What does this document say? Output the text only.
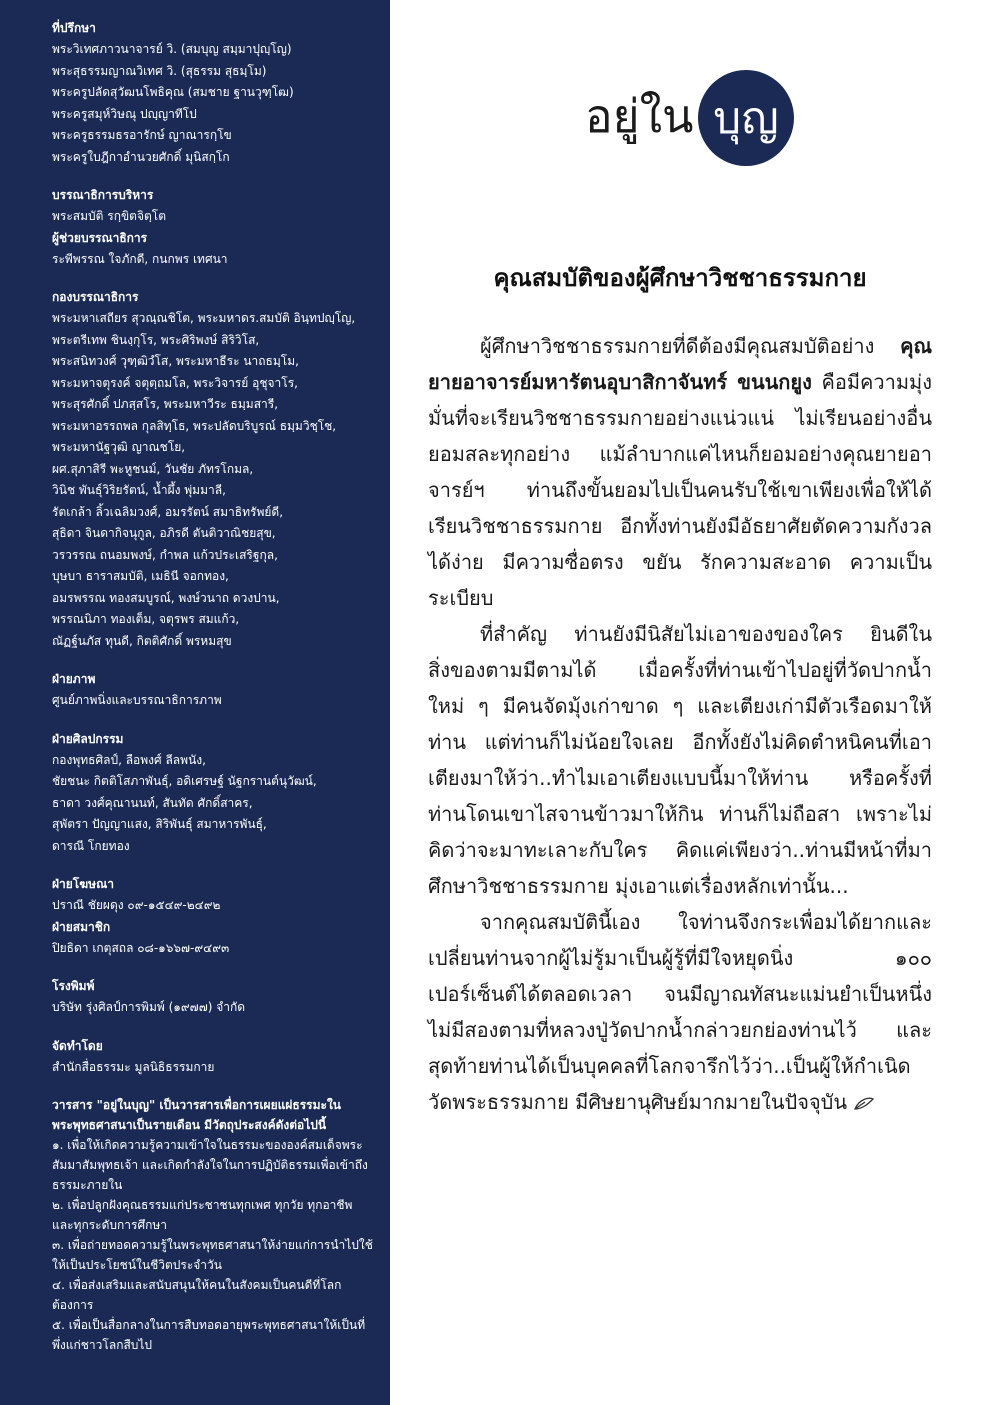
ที่ปรึกษา
พระวิเทศภาวนาจารย์ วิ. (สมบุญ สมฺมาปุญฺโญ)
พระสุธรรมญาณวิเทศ วิ. (สุธรรม สุธมฺโม)
พระครูปลัดสุวัฒนโพธิคุณ (สมชาย ฐานวุฑฺโฒ)
พระครูสมุห์วิษณุ ปญฺญาทีโป
พระครูธรรมธรอารักษ์ ญาณารกฺโข
พระครูใบฎีกาอำนวยศักดิ์ มุนิสกฺโก
บรรณาธิการบริหาร
พระสมบัติ รกฺขิตจิตฺโต
ผู้ช่วยบรรณาธิการ
ระพีพรรณ ใจภักดี, กนกพร เทศนา
กองบรรณาธิการ
พระมหาเสถียร สุวณฺณชิโต, พระมหาดร.สมบัติ อินฺทปญฺโญ,
พระตรีเทพ ชินงฺกุโร, พระศิริพงษ์ สิริวิโส,
พระสนิทวงศ์ วุฑฺฒิวํโส, พระมหาธีระ นาถธมฺโม,
พระมหาจตุรงค์ จตุตฺถมโล, พระวิจารย์ อุชุจาโร,
พระสุรศักดิ์ ปภสฺสโร, พระมหาวีระ ธมฺมสารี,
พระมหาอรรถพล กุลสิทฺโธ, พระปลัดบริบูรณ์ ธมฺมวิชฺโช,
พระมหานัฐวุฒิ ญาณชโย,
ผศ.สุภาสิรี พะหูชนม์, วันชัย ภัทรโกมล,
วินิช พันธุ์วิริยรัตน์, น้ำผึ้ง พุ่มมาลี,
รัตเกล้า ลิ้วเฉลิมวงศ์, อมรรัตน์ สมาธิทรัพย์ดี,
สุธิดา จินดากิจนุกูล, อภิรดี ตันติวาณิชยสุข,
วรวรรณ ถนอมพงษ์, กำพล แก้วประเสริฐกุล,
บุษบา ธาราสมบัติ, เมธินี จอกทอง,
อมรพรรณ ทองสมบูรณ์, พงษ์วนาถ ดวงปาน,
พรรณนิภา ทองเต็ม, จตุรพร สมแก้ว,
ณัฏฐ์นภัส ทุนดี, กิตติศักดิ์ พรหมสุข
ฝ่ายภาพ
ศูนย์ภาพนิ่งและบรรณาธิการภาพ
ฝ่ายศิลปกรรม
กองพุทธศิลป์, ลือพงศ์ ลีลพนัง,
ชัยชนะ กิตติโสภาพันธุ์, อดิเศรษฐ์ นัฐกรานต์นุวัฒน์,
ธาดา วงศ์คุณานนท์, สันทัด ศักดิ์สาคร,
สุพัตรา ปัญญาแสง, สิริพันธุ์ สมาหารพันธุ์,
ดารณี โกยทอง
ฝ่ายโฆษณา
ปราณี ชัยผดุง ๐๙-๑๕๔๙-๒๔๙๒
ฝ่ายสมาชิก
ปิยธิดา เกตุสถล ๐๘-๑๖๖๗-๙๔๙๓
โรงพิมพ์
บริษัท รุ่งศิลป์การพิมพ์ (๑๙๗๗) จำกัด
จัดทำโดย
สำนักสื่อธรรมะ มูลนิธิธรรมกาย
วารสาร "อยู่ในบุญ" เป็นวารสารเพื่อการเผยแผ่ธรรมะในพระพุทธศาสนาเป็นรายเดือน มีวัตถุประสงค์ดังต่อไปนี้
๑. เพื่อให้เกิดความรู้ความเข้าใจในธรรมะขององค์สมเด็จพระสัมมาสัมพุทธเจ้า และเกิดกำลังใจในการปฏิบัติธรรมเพื่อเข้าถึงธรรมะภายใน
๒. เพื่อปลูกฝังคุณธรรมแก่ประชาชนทุกเพศ ทุกวัย ทุกอาชีพ และทุกระดับการศึกษา
๓. เพื่อถ่ายทอดความรู้ในพระพุทธศาสนาให้ง่ายแก่การนำไปใช้ให้เป็นประโยชน์ในชีวิตประจำวัน
๔. เพื่อส่งเสริมและสนับสนุนให้คนในสังคมเป็นคนดีที่โลกต้องการ
๕. เพื่อเป็นสื่อกลางในการสืบทอดอายุพระพุทธศาสนาให้เป็นที่พึ่งแก่ชาวโลกสืบไป
อยู่ใน บุญ
คุณสมบัติของผู้ศึกษาวิชชาธรรมกาย

ผู้ศึกษาวิชชาธรรมกายที่ดีต้องมีคุณสมบัติอย่าง คุณยายอาจารย์มหารัตนอุบาสิกาจันทร์ ขนนกยูง คือมีความมุ่งมั่นที่จะเรียนวิชชาธรรมกายอย่างแน่วแน่ ไม่เรียนอย่างอื่น ยอมสละทุกอย่าง แม้ลำบากแค่ไหนก็ยอมอย่างคุณยายอาจารย์ฯ ท่านถึงขั้นยอมไปเป็นคนรับใช้เขาเพียงเพื่อให้ได้เรียนวิชชาธรรมกาย อีกทั้งท่านยังมีอัธยาศัยตัดความกังวลได้ง่าย มีความซื่อตรง ขยัน รักความสะอาด ความเป็นระเบียบ

ที่สำคัญ ท่านยังมีนิสัยไม่เอาของของใคร ยินดีในสิ่งของตามมีตามได้ เมื่อครั้งที่ท่านเข้าไปอยู่ที่วัดปากน้ำใหม่ ๆ มีคนจัดมุ้งเก่าขาด ๆ และเตียงเก่ามีตัวเรือดมาให้ท่าน แต่ท่านก็ไม่น้อยใจเลย อีกทั้งยังไม่คิดตำหนิคนที่เอาเตียงมาให้ว่า..ทำไมเอาเตียงแบบนี้มาให้ท่าน หรือครั้งที่ท่านโดนเขาไสจานข้าวมาให้กิน ท่านก็ไม่ถือสา เพราะไม่คิดว่าจะมาทะเลาะกับใคร คิดแค่เพียงว่า..ท่านมีหน้าที่มาศึกษาวิชชาธรรมกาย มุ่งเอาแต่เรื่องหลักเท่านั้น...

จากคุณสมบัตินี้เอง ใจท่านจึงกระเพื่อมได้ยากและเปลี่ยนท่านจากผู้ไม่รู้มาเป็นผู้รู้ที่มีใจหยุดนิ่ง ๑๐๐ เปอร์เซ็นต์ได้ตลอดเวลา จนมีญาณทัสนะแม่นยำเป็นหนึ่งไม่มีสองตามที่หลวงปู่วัดปากน้ำกล่าวยกย่องท่านไว้ และสุดท้ายท่านได้เป็นบุคคลที่โลกจารึกไว้ว่า..เป็นผู้ให้กำเนิดวัดพระธรรมกาย มีศิษยานุศิษย์มากมายในปัจจุบัน
